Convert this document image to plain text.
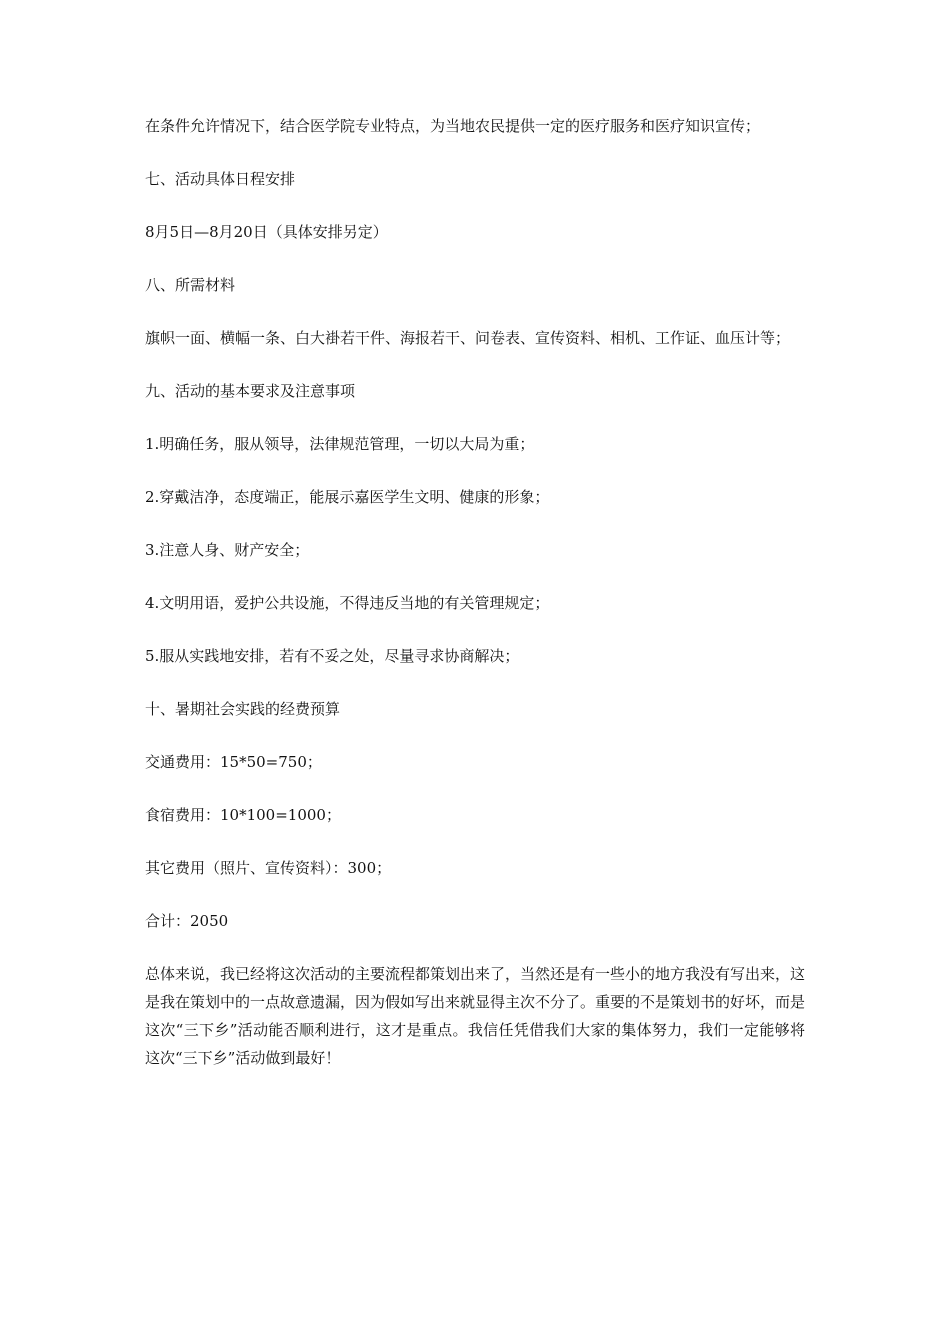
在条件允许情况下，结合医学院专业特点，为当地农民提供一定的医疗服务和医疗知识宣传；

七、活动具体日程安排

8月5日—8月20日（具体安排另定）

八、所需材料

旗帜一面、横幅一条、白大褂若干件、海报若干、问卷表、宣传资料、相机、工作证、血压计等；

九、活动的基本要求及注意事项

1.明确任务，服从领导，法律规范管理，一切以大局为重；

2.穿戴洁净，态度端正，能展示嘉医学生文明、健康的形象；

3.注意人身、财产安全；

4.文明用语，爱护公共设施，不得违反当地的有关管理规定；

5.服从实践地安排，若有不妥之处，尽量寻求协商解决；

十、暑期社会实践的经费预算

交通费用：15*50=750；

食宿费用：10*100=1000；

其它费用（照片、宣传资料）：300；

合计：2050

总体来说，我已经将这次活动的主要流程都策划出来了，当然还是有一些小的地方我没有写出来，这是我在策划中的一点故意遗漏，因为假如写出来就显得主次不分了。重要的不是策划书的好坏，而是这次“三下乡”活动能否顺利进行，这才是重点。我信任凭借我们大家的集体努力，我们一定能够将这次“三下乡”活动做到最好！
